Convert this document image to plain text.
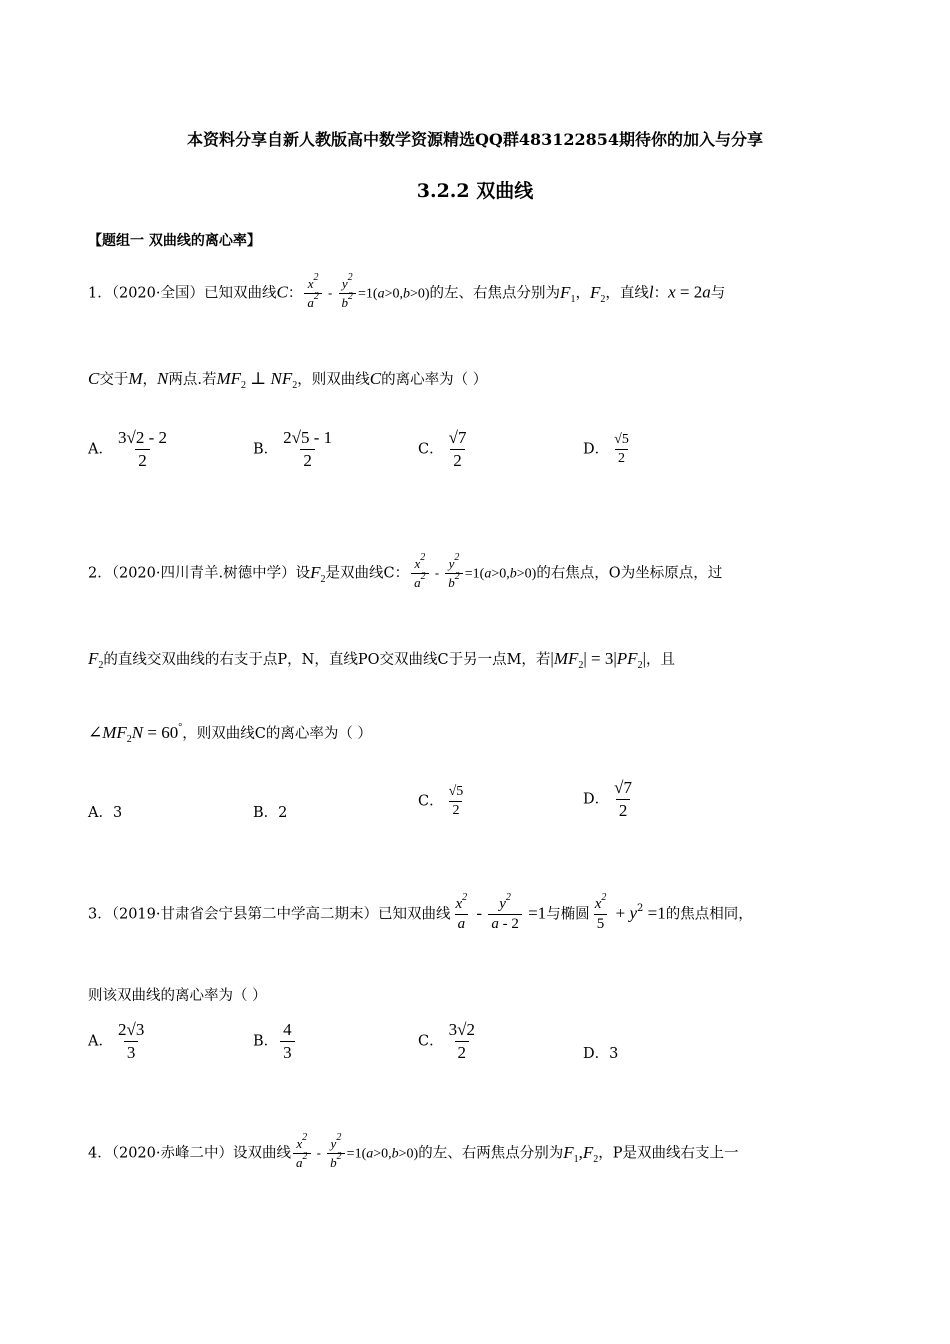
本资料分享自新人教版高中数学资源精选QQ群483122854期待你的加入与分享
3.2.2 双曲线
【题组一 双曲线的离心率】
1．（2020·全国）已知双曲线C： $\frac{x^2}{a^2} - \frac{y^2}{b^2} =1(a>0,b>0)$的左、右焦点分别为$F_1$，$F_2$，直线l：x = 2a与
C交于M，N两点.若$MF_2$ ⊥ $NF_2$，则双曲线C的离心率为（ ）
A． $\frac{3√2 - 2}{2}$	B． $\frac{2√5 - 1}{2}$	C． $\frac{√7}{2}$	D． $\frac{√5}{2}$
2．（2020·四川青羊.树德中学）设$F_2$是双曲线C： $\frac{x^2}{a^2} - \frac{y^2}{b^2} =1(a>0,b>0)$的右焦点，O为坐标原点，过
$F_2$的直线交双曲线的右支于点P，N，直线PO交双曲线C于另一点M，若$|MF_2| = 3|PF_2|$，且
$\angle MF_2N = 60^\circ$，则双曲线C的离心率为（ ）
A．3	B．2
C． $\frac{√5}{2}$	D． $\frac{√7}{2}$
3．（2019·甘肃省会宁县第二中学高二期末）已知双曲线 $\frac{x^2}{a} - \frac{y^2}{a - 2} =1$与椭圆 $\frac{x^2}{5} + y^2 =1$的焦点相同，
则该双曲线的离心率为（ ）
A． $\frac{2√3}{3}$	B． $\frac{4}{3}$	C． $\frac{3√2}{2}$	D．3
4．（2020·赤峰二中）设双曲线 $\frac{x^2}{a^2} - \frac{y^2}{b^2} =1(a>0,b>0)$的左、右两焦点分别为$F_1,F_2$，P是双曲线右支上一
